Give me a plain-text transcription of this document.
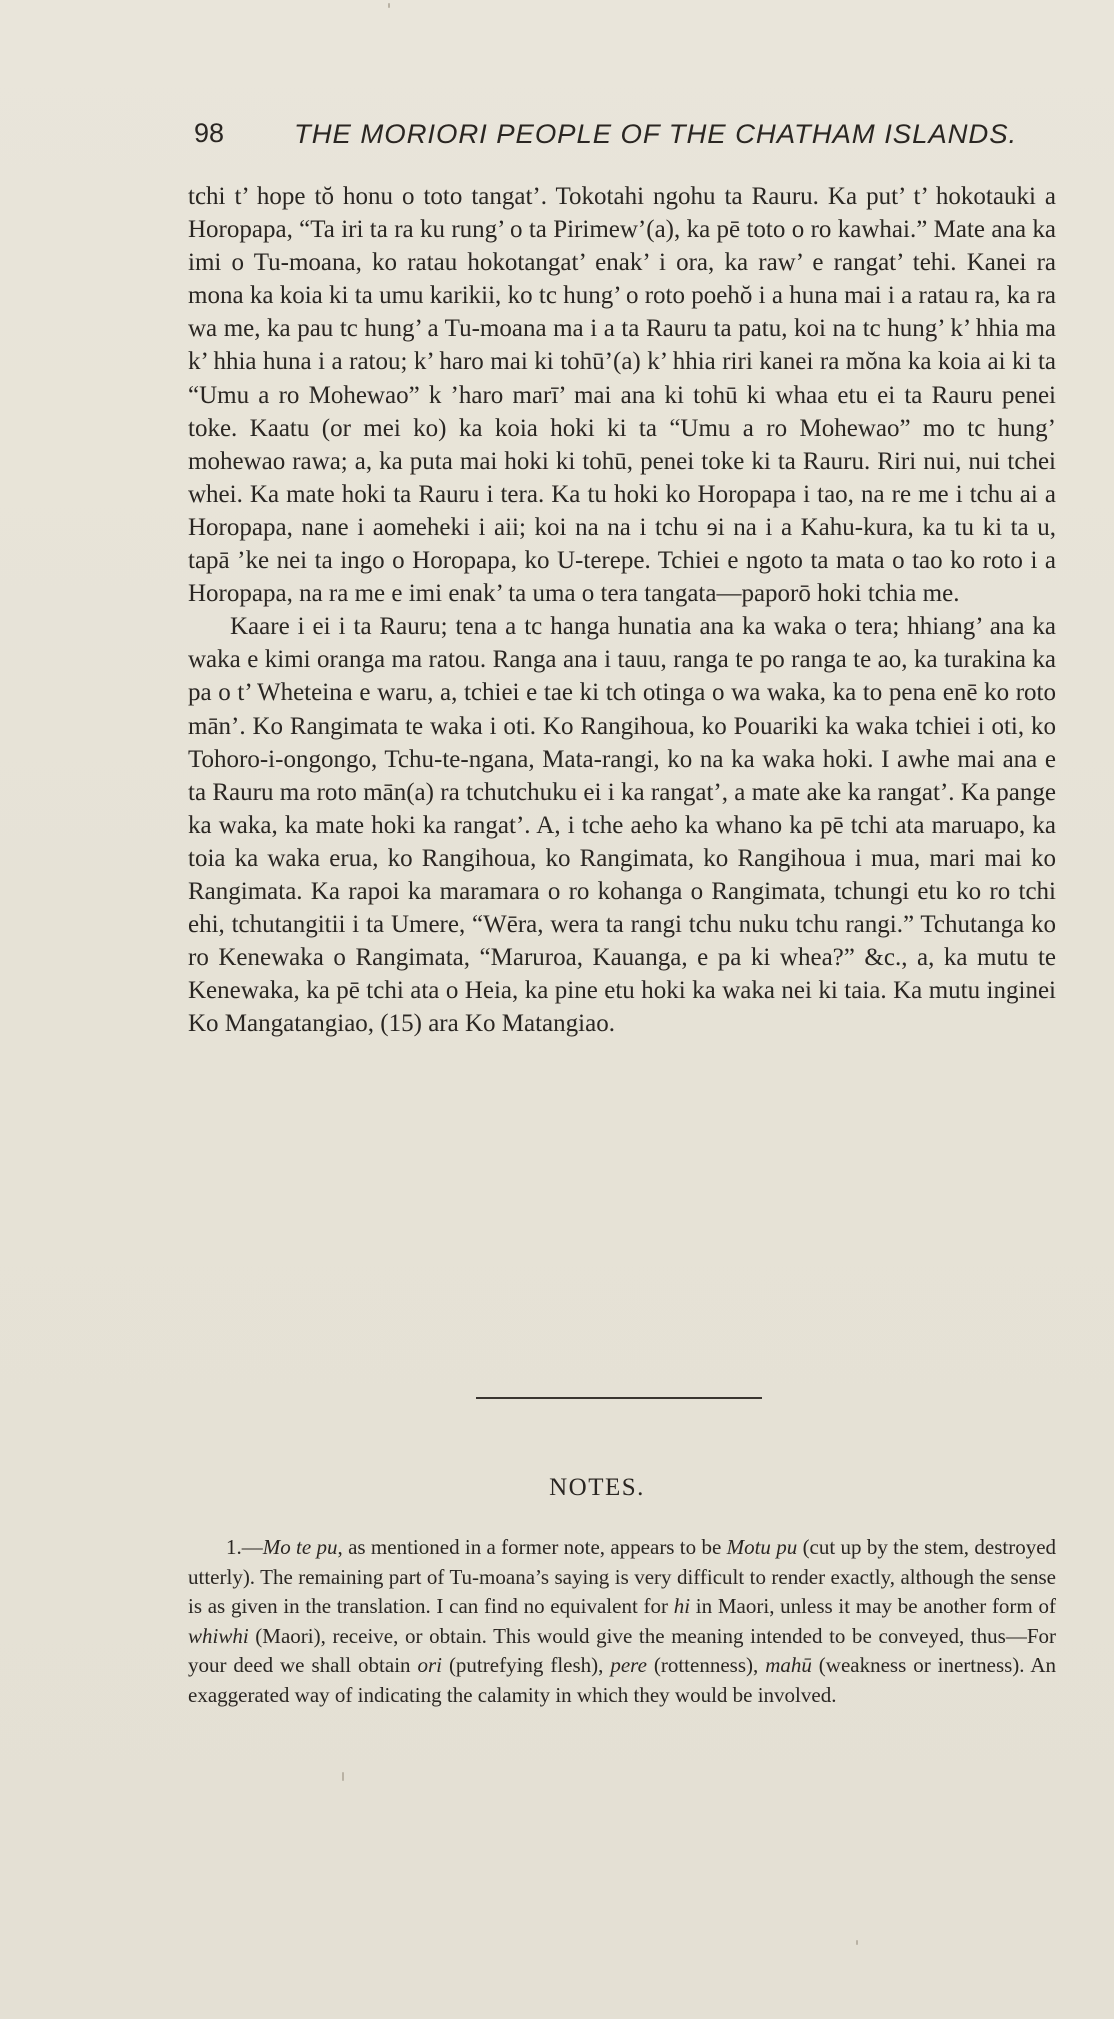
98	THE MORIORI PEOPLE OF THE CHATHAM ISLANDS.

tchi t’ hope tŏ honu o toto tangat’. Tokotahi ngohu ta Rauru. Ka put’ t’ hokotauki a Horopapa, “Ta iri ta ra ku rung’ o ta Pirimew’(a), ka pē toto o ro kawhai.” Mate ana ka imi o Tu-moana, ko ratau hokotangat’ enak’ i ora, ka raw’ e rangat’ tehi. Kanei ra mona ka koia ki ta umu karikii, ko tc hung’ o roto poehŏ i a huna mai i a ratau ra, ka ra wa me, ka pau tc hung’ a Tu-moana ma i a ta Rauru ta patu, koi na tc hung’ k’ hhia ma k’ hhia huna i a ratou; k’ haro mai ki tohū’(a) k’ hhia riri kanei ra mŏna ka koia ai ki ta “Umu a ro Mohewao” k ’haro marī’ mai ana ki tohū ki whaa etu ei ta Rauru penei toke. Kaatu (or mei ko) ka koia hoki ki ta “Umu a ro Mohewao” mo tc hung’ mohewao rawa; a, ka puta mai hoki ki tohū, penei toke ki ta Rauru. Riri nui, nui tchei whei. Ka mate hoki ta Rauru i tera. Ka tu hoki ko Horopapa i tao, na re me i tchu ai a Horopapa, nane i aomeheki i aii; koi na na i tchu ɘi na i a Kahu-kura, ka tu ki ta u, tapā ’ke nei ta ingo o Horopapa, ko U-terepe. Tchiei e ngoto ta mata o tao ko roto i a Horopapa, na ra me e imi enak’ ta uma o tera tangata—paporō hoki tchia me.

Kaare i ei i ta Rauru; tena a tc hanga hunatia ana ka waka o tera; hhiang’ ana ka waka e kimi oranga ma ratou. Ranga ana i tauu, ranga te po ranga te ao, ka turakina ka pa o t’ Wheteina e waru, a, tchiei e tae ki tch otinga o wa waka, ka to pena enē ko roto mān’. Ko Rangimata te waka i oti. Ko Rangihoua, ko Pouariki ka waka tchiei i oti, ko Tohoro-i-ongongo, Tchu-te-ngana, Mata-rangi, ko na ka waka hoki. I awhe mai ana e ta Rauru ma roto mān(a) ra tchutchuku ei i ka rangat’, a mate ake ka rangat’. Ka pange ka waka, ka mate hoki ka rangat’. A, i tche aeho ka whano ka pē tchi ata maruapo, ka toia ka waka erua, ko Rangihoua, ko Rangimata, ko Rangihoua i mua, mari mai ko Rangimata. Ka rapoi ka maramara o ro kohanga o Rangimata, tchungi etu ko ro tchi ehi, tchutangitii i ta Umere, “Wēra, wera ta rangi tchu nuku tchu rangi.” Tchutanga ko ro Kenewaka o Rangimata, “Maruroa, Kauanga, e pa ki whea?” &c., a, ka mutu te Kenewaka, ka pē tchi ata o Heia, ka pine etu hoki ka waka nei ki taia. Ka mutu inginei Ko Mangatangiao, (15) ara Ko Matangiao.

NOTES.
1.—Mo te pu, as mentioned in a former note, appears to be Motu pu (cut up by the stem, destroyed utterly). The remaining part of Tu-moana’s saying is very difficult to render exactly, although the sense is as given in the translation. I can find no equivalent for hi in Maori, unless it may be another form of whiwhi (Maori), receive, or obtain. This would give the meaning intended to be conveyed, thus—For your deed we shall obtain ori (putrefying flesh), pere (rottenness), mahū (weakness or inertness). An exaggerated way of indicating the calamity in which they would be involved.
